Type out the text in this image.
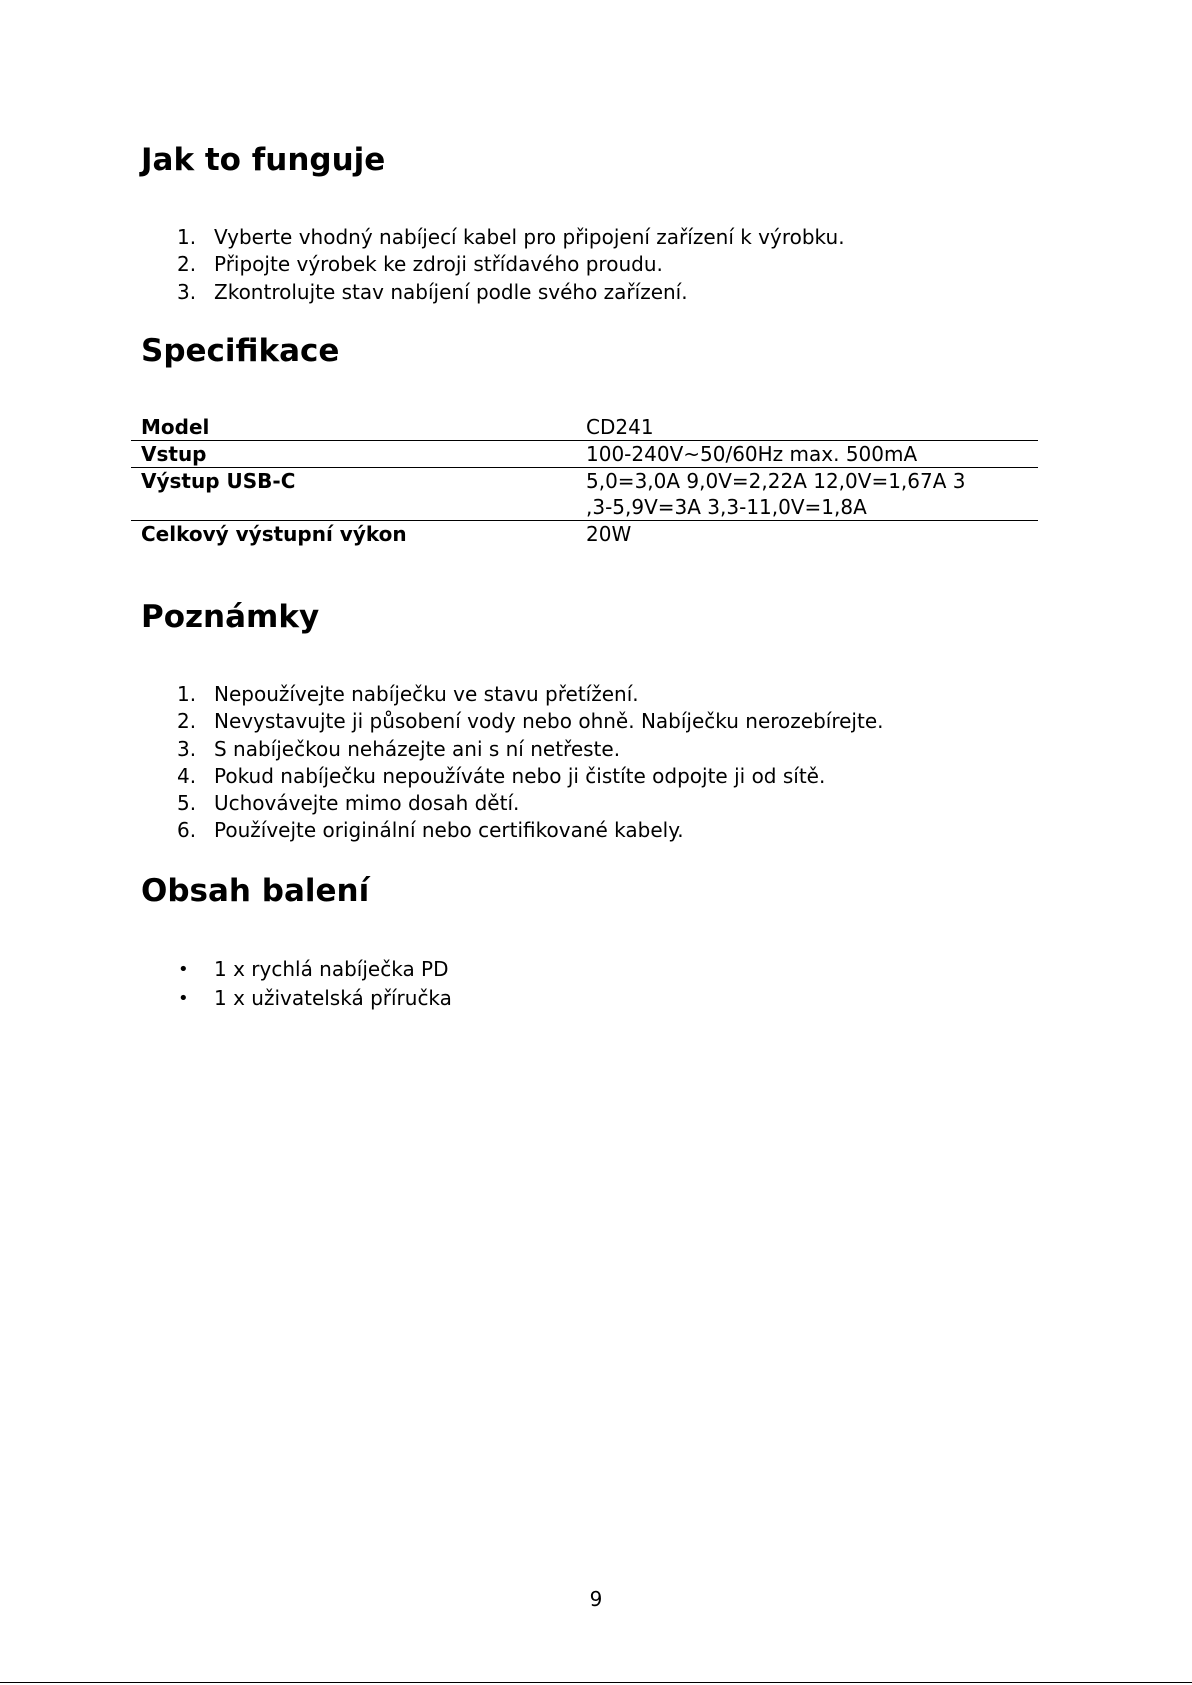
Jak to funguje
1. Vyberte vhodný nabíjecí kabel pro připojení zařízení k výrobku.
2. Připojte výrobek ke zdroji střídavého proudu.
3. Zkontrolujte stav nabíjení podle svého zařízení.
Specifikace
Model	CD241
Vstup	100-240V~50/60Hz max. 500mA
Výstup USB-C	5,0=3,0A 9,0V=2,22A 12,0V=1,67A 3
,3-5,9V=3A 3,3-11,0V=1,8A
Celkový výstupní výkon	20W
Poznámky
1. Nepoužívejte nabíječku ve stavu přetížení.
2. Nevystavujte ji působení vody nebo ohně. Nabíječku nerozebírejte.
3. S nabíječkou neházejte ani s ní netřeste.
4. Pokud nabíječku nepoužíváte nebo ji čistíte odpojte ji od sítě.
5. Uchovávejte mimo dosah dětí.
6. Používejte originální nebo certifikované kabely.
Obsah balení
• 1 x rychlá nabíječka PD
• 1 x uživatelská příručka
9
